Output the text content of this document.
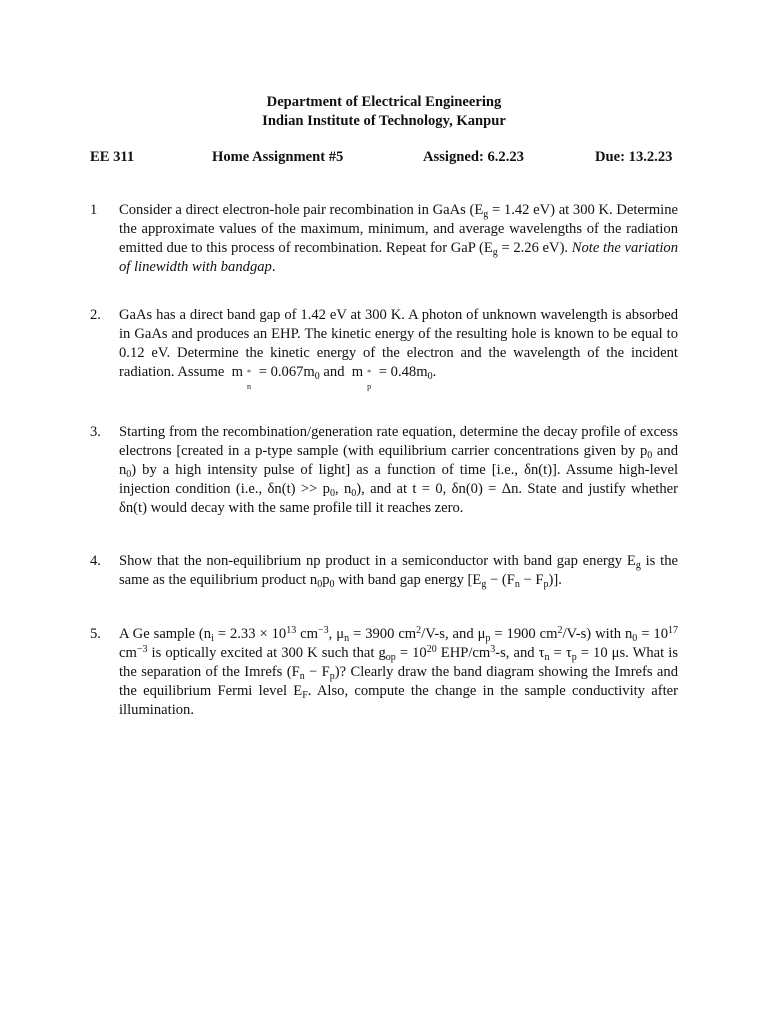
Department of Electrical Engineering
Indian Institute of Technology, Kanpur
EE 311	Home Assignment #5	Assigned: 6.2.23	Due: 13.2.23
1 Consider a direct electron-hole pair recombination in GaAs ($E_g = 1.42$ eV) at 300 K. Determine the approximate values of the maximum, minimum, and average wavelengths of the radiation emitted due to this process of recombination. Repeat for GaP ($E_g = 2.26$ eV). Note the variation of linewidth with bandgap.
2. GaAs has a direct band gap of 1.42 eV at 300 K. A photon of unknown wavelength is absorbed in GaAs and produces an EHP. The kinetic energy of the resulting hole is known to be equal to 0.12 eV. Determine the kinetic energy of the electron and the wavelength of the incident radiation. Assume  m *
n
= $0.067m_0$ and  m *
p
= $0.48m_0$.
3. Starting from the recombination/generation rate equation, determine the decay profile of excess electrons [created in a p-type sample (with equilibrium carrier concentrations given by $p_0$ and $n_0$) by a high intensity pulse of light] as a function of time [i.e., δn(t)]. Assume high-level injection condition (i.e., $\delta n(t) >> p_0$, $n_0$), and at t = 0, δn(0) = Δn. State and justify whether δn(t) would decay with the same profile till it reaches zero.
4. Show that the non-equilibrium np product in a semiconductor with band gap energy $E_g$ is the same as the equilibrium product $n_0p_0$ with band gap energy $[E_g - (F_n - F_p)]$.
5. A Ge sample ($n_i = 2.33 \times 10^{13}$ $cm^{-3}$, $\mu_n = 3900$ $cm^2/V-s$, and $\mu_p = 1900$ $cm^2/V-s$) with $n_0 = 10^{17}$ $cm^{-3}$ is optically excited at 300 K such that $g_{op} = 10^{20}$ EHP/$cm^3-s$, and $\tau_n = \tau_p = 10$ μs. What is the separation of the Imrefs $(F_n - F_p)$? Clearly draw the band diagram showing the Imrefs and the equilibrium Fermi level $E_F$. Also, compute the change in the sample conductivity after illumination.
